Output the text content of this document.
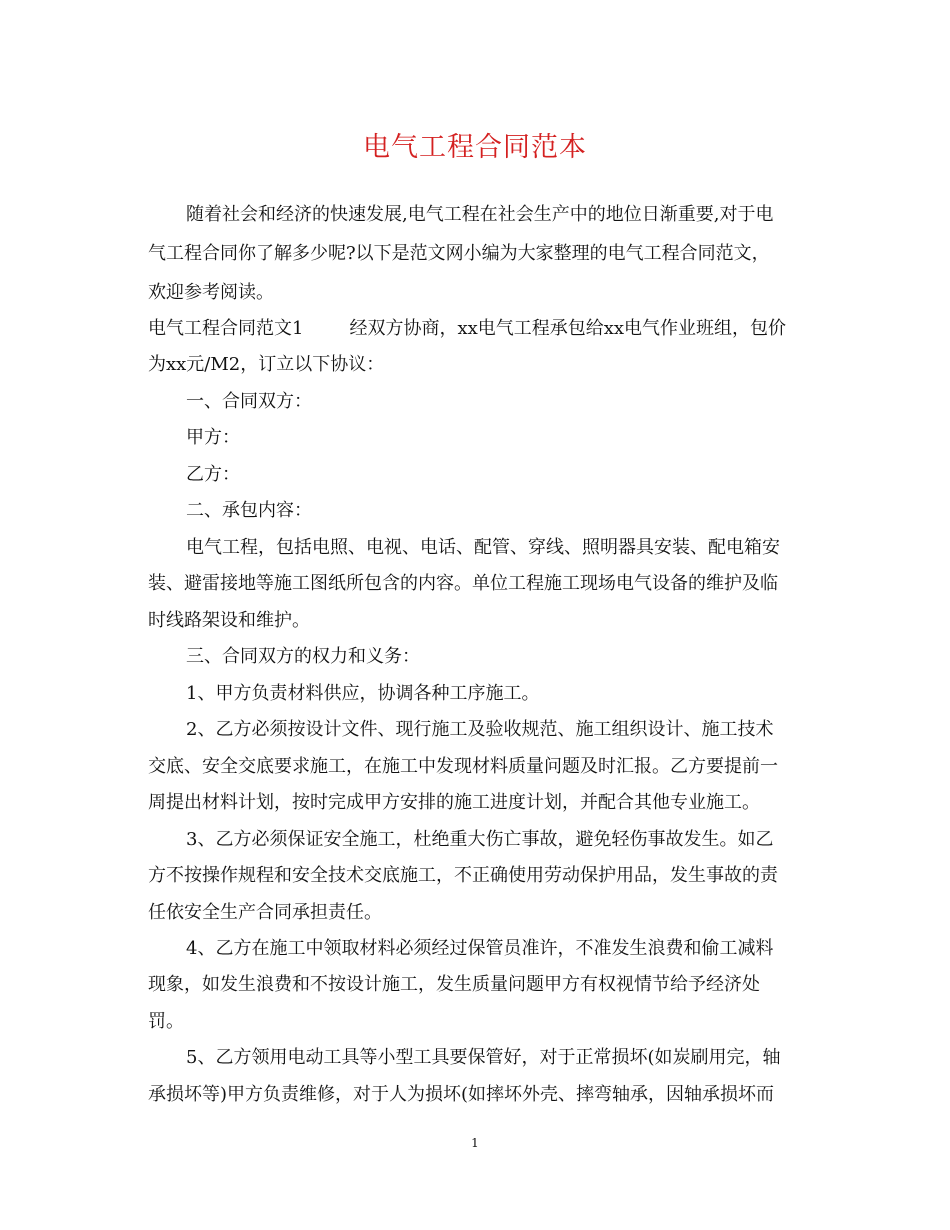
电气工程合同范本
随着社会和经济的快速发展,电气工程在社会生产中的地位日渐重要,对于电
气工程合同你了解多少呢?以下是范文网小编为大家整理的电气工程合同范文，
欢迎参考阅读。
电气工程合同范文1	经双方协商，xx电气工程承包给xx电气作业班组，包价
为xx元/M2，订立以下协议：
一、合同双方：
甲方：
乙方：
二、承包内容：
电气工程，包括电照、电视、电话、配管、穿线、照明器具安装、配电箱安
装、避雷接地等施工图纸所包含的内容。单位工程施工现场电气设备的维护及临
时线路架设和维护。
三、合同双方的权力和义务：
1、甲方负责材料供应，协调各种工序施工。
2、乙方必须按设计文件、现行施工及验收规范、施工组织设计、施工技术
交底、安全交底要求施工，在施工中发现材料质量问题及时汇报。乙方要提前一
周提出材料计划，按时完成甲方安排的施工进度计划，并配合其他专业施工。
3、乙方必须保证安全施工，杜绝重大伤亡事故，避免轻伤事故发生。如乙
方不按操作规程和安全技术交底施工，不正确使用劳动保护用品，发生事故的责
任依安全生产合同承担责任。
4、乙方在施工中领取材料必须经过保管员准许，不准发生浪费和偷工减料
现象，如发生浪费和不按设计施工，发生质量问题甲方有权视情节给予经济处
罚。
5、乙方领用电动工具等小型工具要保管好，对于正常损坏(如炭刷用完，轴
承损坏等)甲方负责维修，对于人为损坏(如摔坏外壳、摔弯轴承，因轴承损坏而
1
